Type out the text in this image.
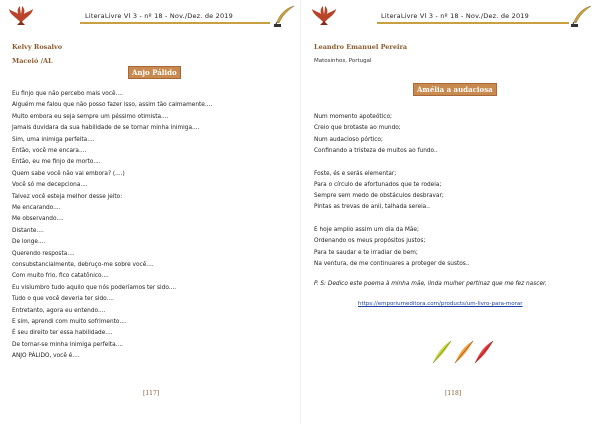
LiteraLivre Vl 3 - nº 18 - Nov./Dez. de 2019
Kelvy Rosalvo
Maceió /AL
Anjo Pálido
Eu finjo que não percebo mais você....
Alguém me falou que não posso fazer isso, assim tão calmamente....
Muito embora eu seja sempre um péssimo otimista....
Jamais duvidara da sua habilidade de se tornar minha inimiga....
Sim, uma inimiga perfeita....
Então, você me encara....
Então, eu me finjo de morto....
Quem sabe você não vai embora? (....)
Você só me decepciona....
Talvez você esteja melhor desse jeito:
Me encarando....
Me observando....
Distante....
De longe....
Querendo resposta....
consubstancialmente, debruço-me sobre você....
Com muito frio, fico catatônico....
Eu vislumbro tudo aquilo que nós poderíamos ter sido....
Tudo o que você deveria ter sido....
Entretanto, agora eu entendo....
E sim, aprendi com muito sofrimento....
É seu direito ter essa habilidade....
De tornar-se minha inimiga perfeita....
ANJO PÁLIDO, você é....
[117]
LiteraLivre Vl 3 - nº 18 - Nov./Dez. de 2019
Leandro Emanuel Pereira
Matosinhos, Portugal
Amélia a audaciosa
Num momento apoteótico;
Creio que brotaste ao mundo;
Num audacioso pórtico;
Confinando a tristeza de muitos ao fundo..
Foste, és e serás elementar;
Para o círculo de afortunados que te rodeia;
Sempre sem medo de obstáculos desbravar;
Pintas as trevas de anil, talhada sereia..
E hoje amplio assim um dia da Mãe;
Ordenando os meus propósitos justos;
Para te saudar e te irradiar de bem;
Na ventura, de me continuares a proteger de sustos..
P. S: Dedico este poema à minha mãe, linda mulher pertinaz que me fez nascer.
https://emporiumeditora.com/products/um-livro-para-morar
[118]
